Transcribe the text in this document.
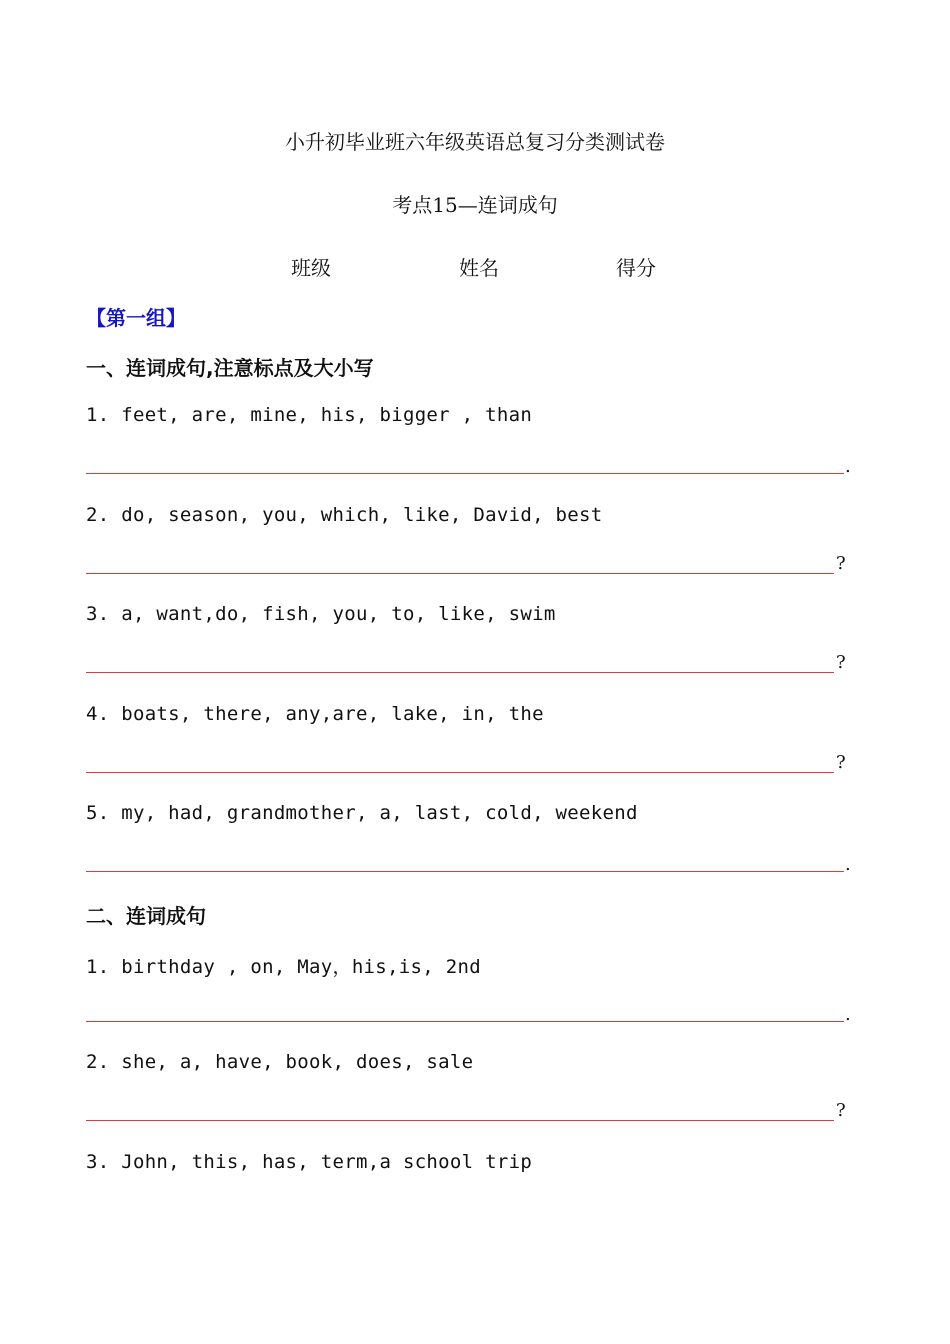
小升初毕业班六年级英语总复习分类测试卷
考点15—连词成句
班级	姓名	得分
【第一组】
一、连词成句,注意标点及大小写
1. feet, are, mine, his, bigger , than
.
2. do, season, you, which, like, David, best
?
3. a, want,do, fish, you, to, like, swim
?
4. boats, there, any,are, lake, in, the
?
5. my, had, grandmother, a, last, cold, weekend
.
二、连词成句
1. birthday , on, May，his,is, 2nd
.
2. she, a, have, book, does, sale
?
3. John, this, has, term,a school trip
